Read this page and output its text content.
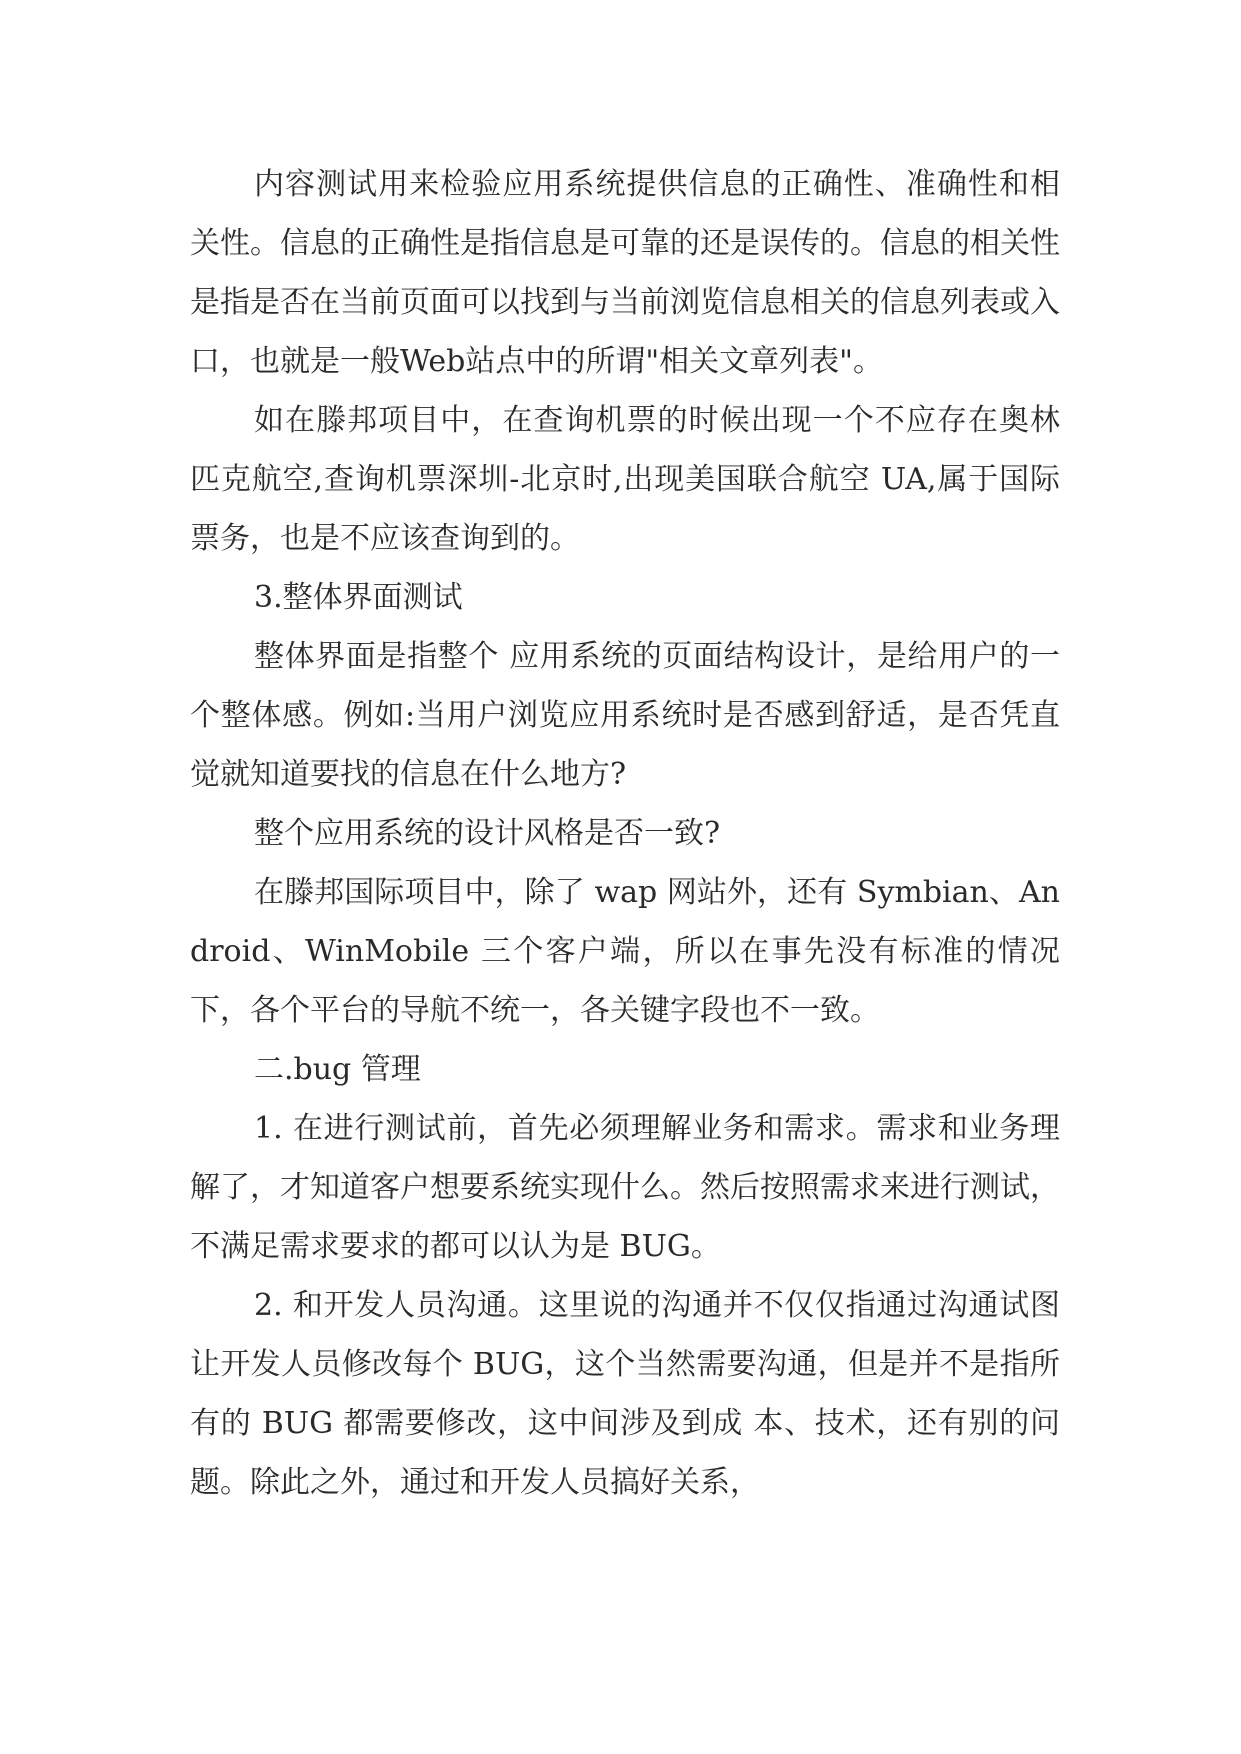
内容测试用来检验应用系统提供信息的正确性、准确性和相关性。信息的正确性是指信息是可靠的还是误传的。信息的相关性是指是否在当前页面可以找到与当前浏览信息相关的信息列表或入口，也就是一般Web站点中的所谓"相关文章列表"。

如在滕邦项目中，在查询机票的时候出现一个不应存在奥林匹克航空,查询机票深圳-北京时,出现美国联合航空 UA,属于国际票务，也是不应该查询到的。

3.整体界面测试

整体界面是指整个 应用系统的页面结构设计，是给用户的一个整体感。例如:当用户浏览应用系统时是否感到舒适，是否凭直觉就知道要找的信息在什么地方?

整个应用系统的设计风格是否一致?

在滕邦国际项目中，除了 wap 网站外，还有 Symbian、Android、WinMobile 三个客户端，所以在事先没有标准的情况下，各个平台的导航不统一，各关键字段也不一致。

二.bug 管理

1. 在进行测试前，首先必须理解业务和需求。需求和业务理解了，才知道客户想要系统实现什么。然后按照需求来进行测试，不满足需求要求的都可以认为是 BUG。

2. 和开发人员沟通。这里说的沟通并不仅仅指通过沟通试图让开发人员修改每个 BUG，这个当然需要沟通，但是并不是指所有的 BUG 都需要修改，这中间涉及到成 本、技术，还有别的问题。除此之外，通过和开发人员搞好关系，
